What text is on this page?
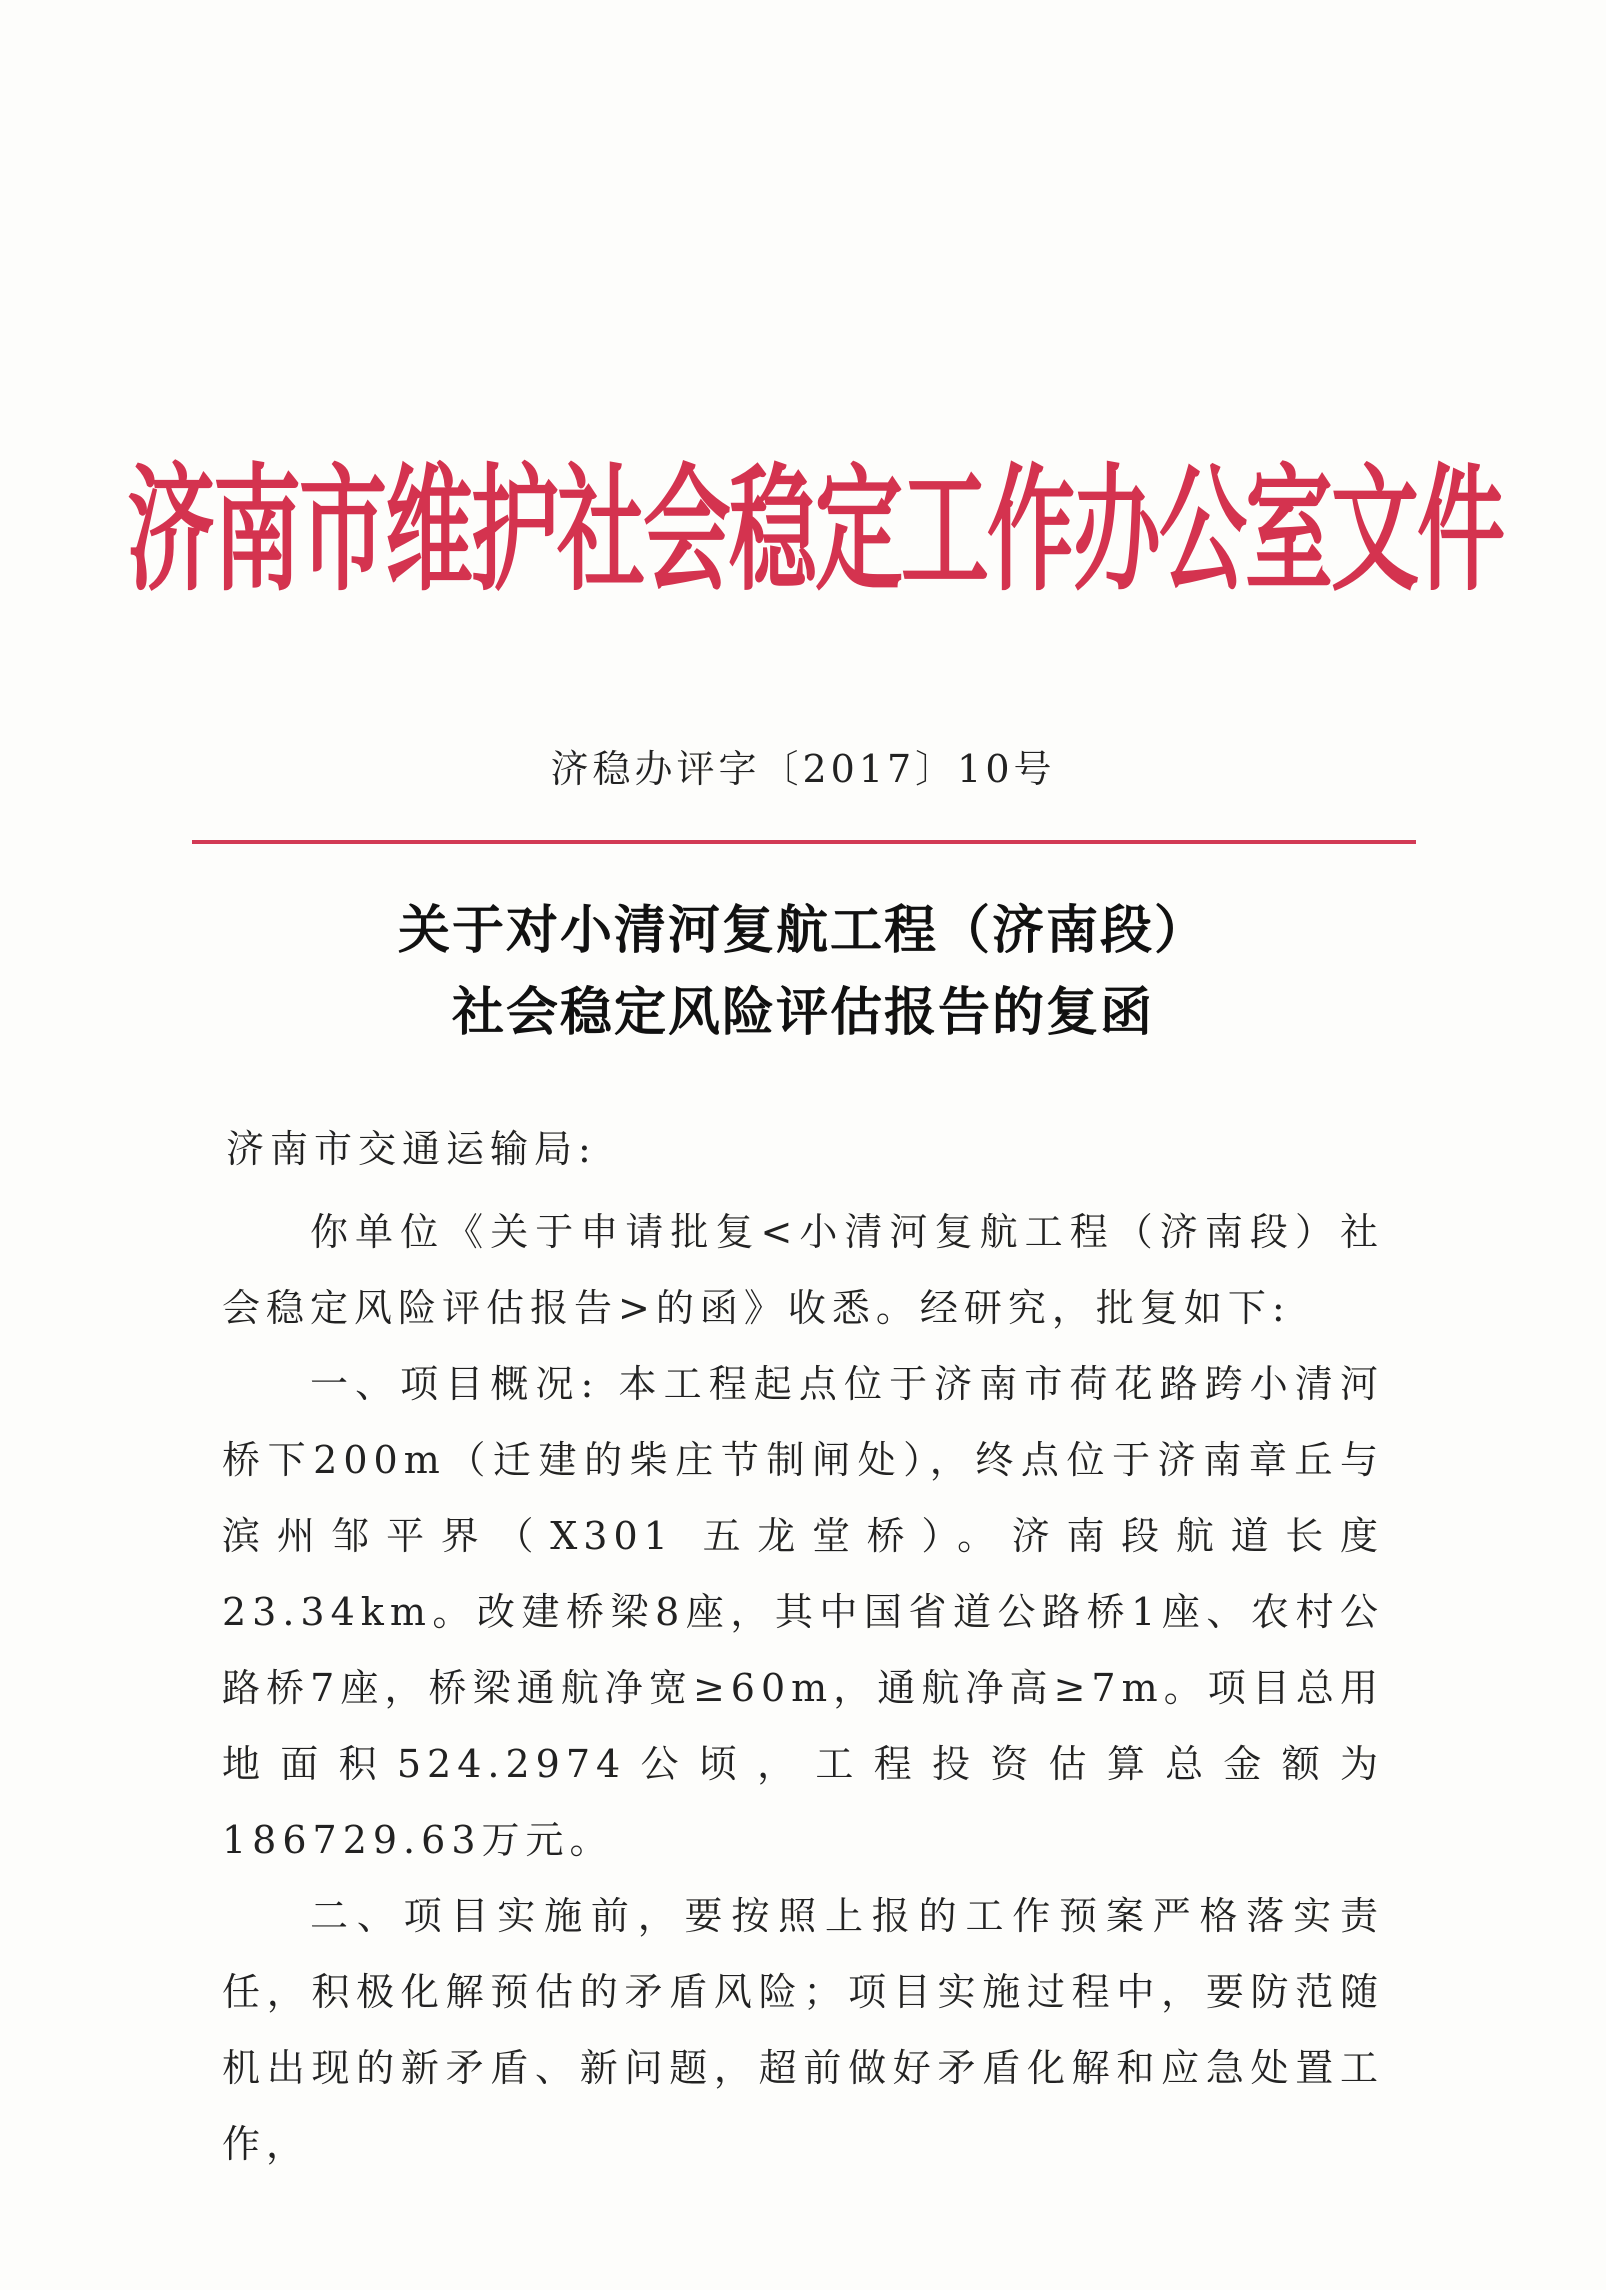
济南市维护社会稳定工作办公室文件
济稳办评字〔2017〕10号
关于对小清河复航工程（济南段）
社会稳定风险评估报告的复函
济南市交通运输局:

你单位《关于申请批复<小清河复航工程（济南段）社会稳定风险评估报告>的函》收悉。经研究，批复如下:

一、项目概况: 本工程起点位于济南市荷花路跨小清河桥下200m（迁建的柴庄节制闸处），终点位于济南章丘与滨州邹平界（X301 五龙堂桥）。济南段航道长度23.34km。改建桥梁8座，其中国省道公路桥1座、农村公路桥7座，桥梁通航净宽≥60m，通航净高≥7m。项目总用地面积524.2974公顷，工程投资估算总金额为186729.63万元。

二、项目实施前，要按照上报的工作预案严格落实责任，积极化解预估的矛盾风险；项目实施过程中，要防范随机出现的新矛盾、新问题，超前做好矛盾化解和应急处置工作，
